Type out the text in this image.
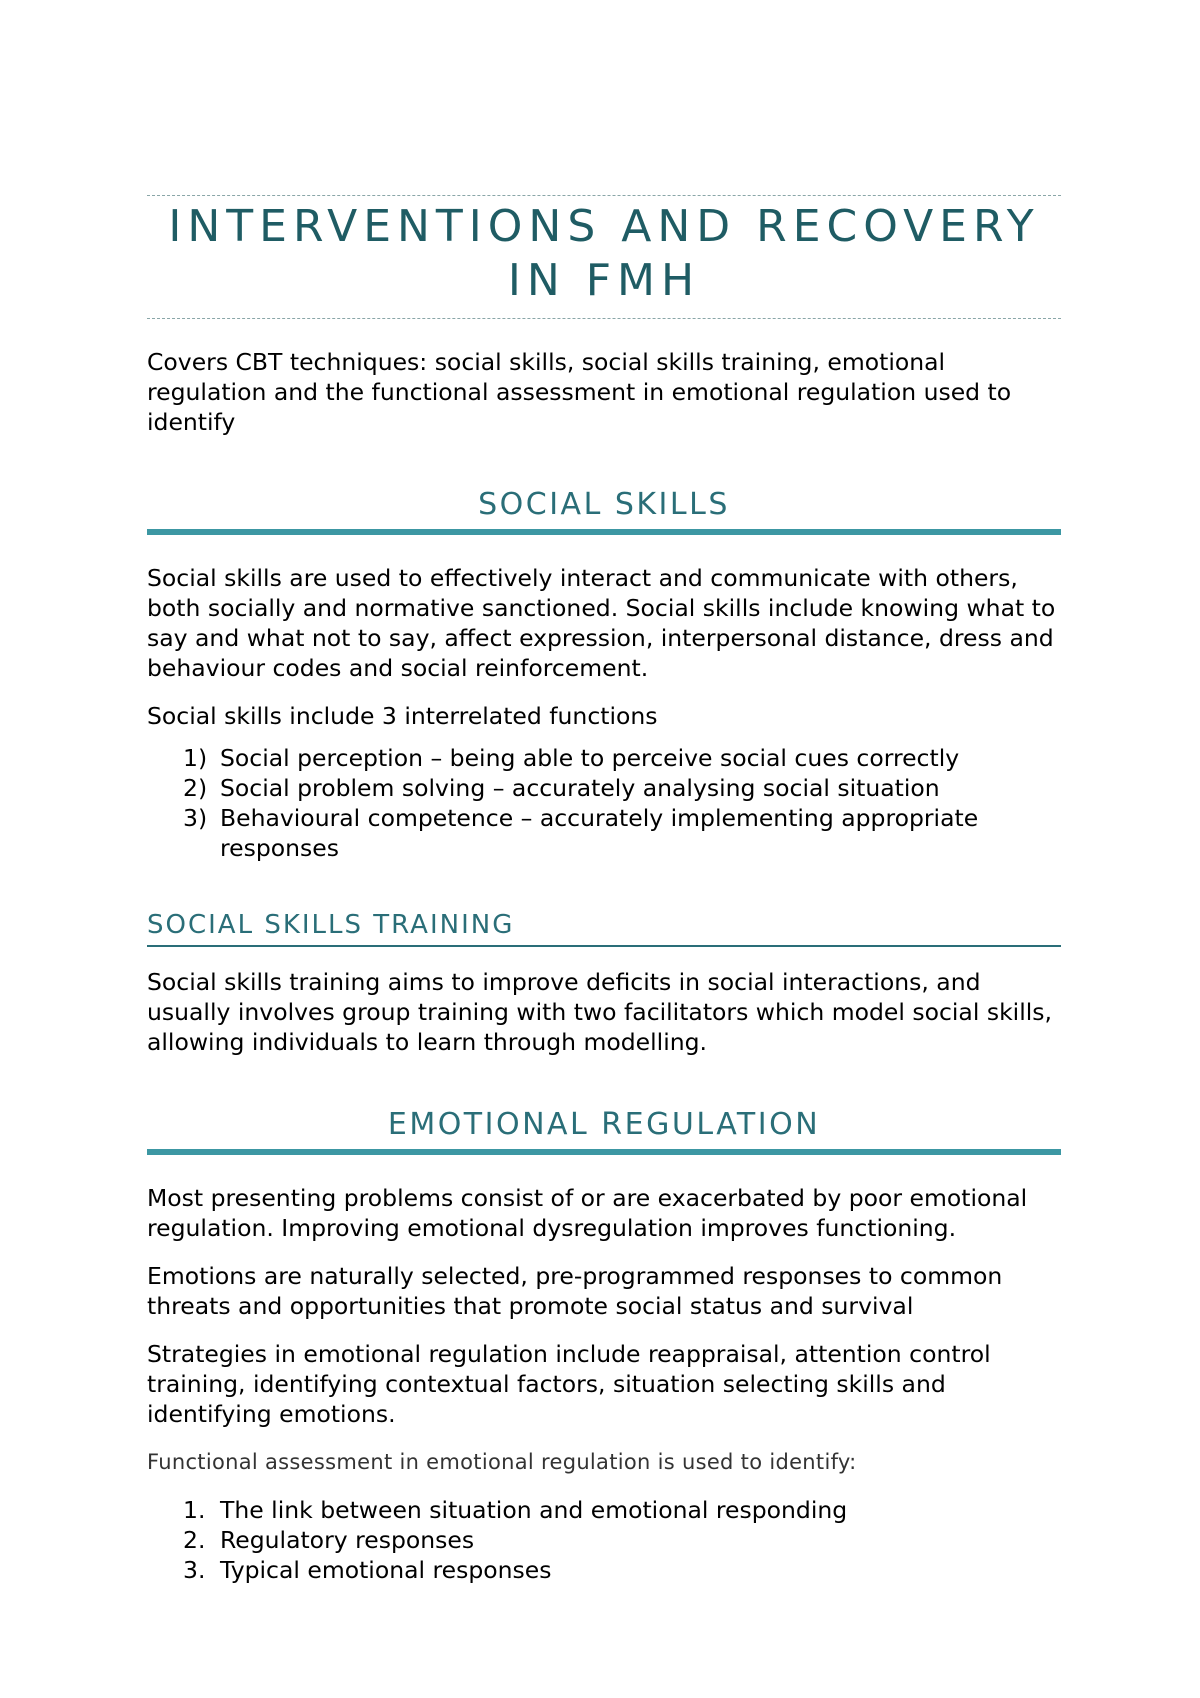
INTERVENTIONS AND RECOVERY IN FMH

Covers CBT techniques: social skills, social skills training, emotional regulation and the functional assessment in emotional regulation used to identify

SOCIAL SKILLS

Social skills are used to effectively interact and communicate with others, both socially and normative sanctioned. Social skills include knowing what to say and what not to say, affect expression, interpersonal distance, dress and behaviour codes and social reinforcement.

Social skills include 3 interrelated functions

1) Social perception – being able to perceive social cues correctly
2) Social problem solving – accurately analysing social situation
3) Behavioural competence – accurately implementing appropriate responses
SOCIAL SKILLS TRAINING

Social skills training aims to improve deficits in social interactions, and usually involves group training with two facilitators which model social skills, allowing individuals to learn through modelling.

EMOTIONAL REGULATION

Most presenting problems consist of or are exacerbated by poor emotional regulation. Improving emotional dysregulation improves functioning.

Emotions are naturally selected, pre-programmed responses to common threats and opportunities that promote social status and survival

Strategies in emotional regulation include reappraisal, attention control training, identifying contextual factors, situation selecting skills and identifying emotions.

Functional assessment in emotional regulation is used to identify:

1. The link between situation and emotional responding
2. Regulatory responses
3. Typical emotional responses
